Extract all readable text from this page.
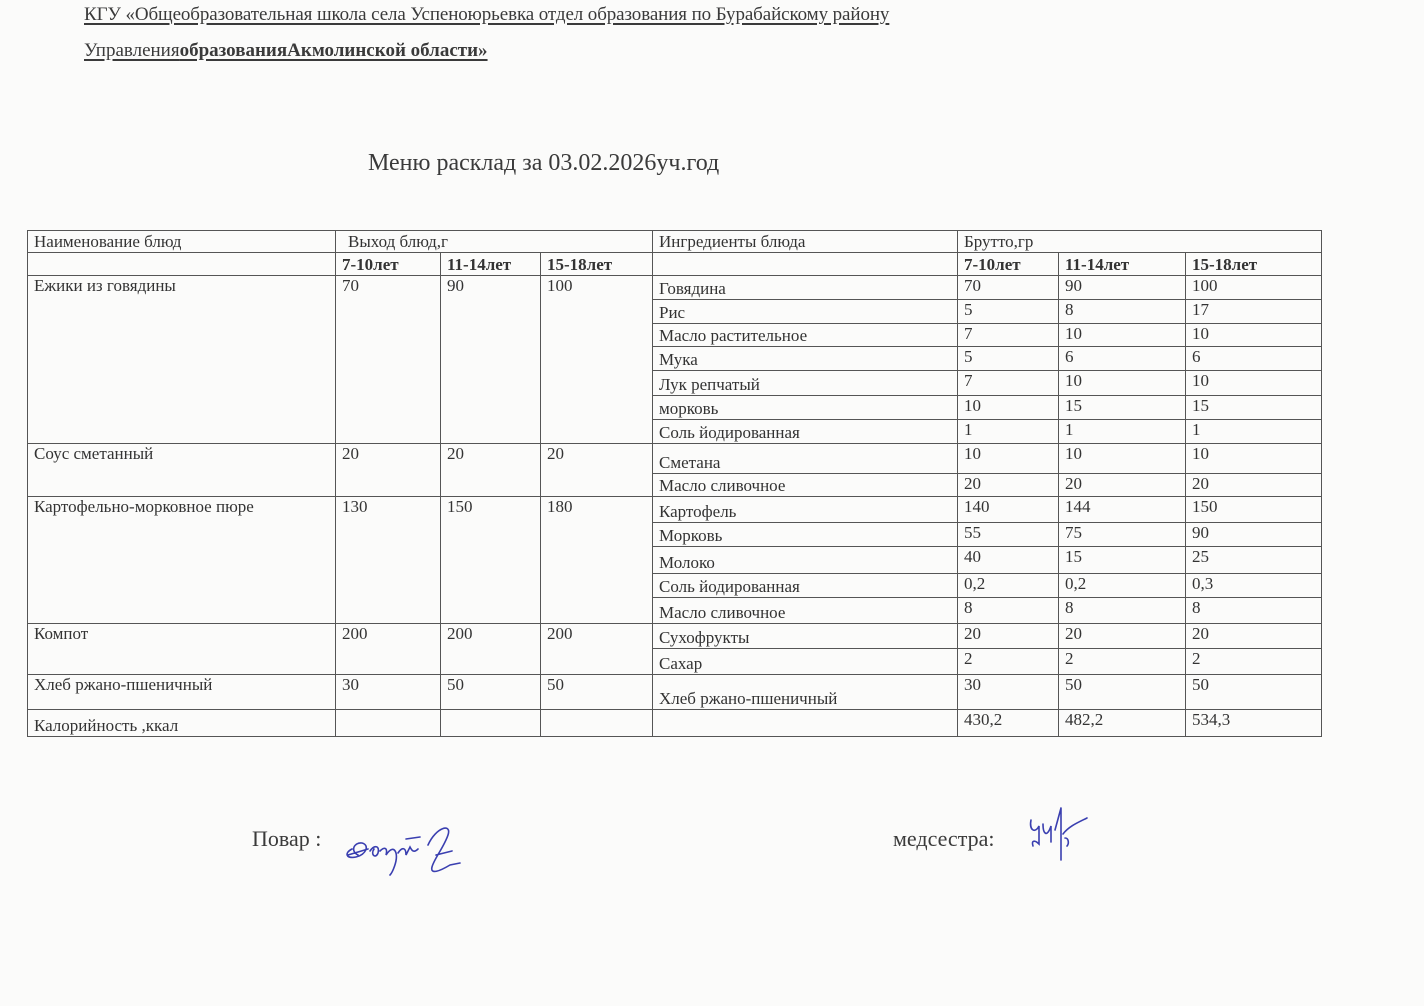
КГУ «Общеобразовательная школа села Успеноюрьевка отдел образования по Бурабайскому району
УправленияобразованияАкмолинской области»
Меню расклад за 03.02.2026уч.год
Наименование блюд	Выход блюд,г			Ингредиенты блюда	Брутто,гр		
	7-10лет	11-14лет	15-18лет		7-10лет	11-14лет	15-18лет
Ежики из говядины	70	90	100	Говядина	70	90	100
				Рис	5	8	17
				Масло растительное	7	10	10
				Мука	5	6	6
				Лук репчатый	7	10	10
				морковь	10	15	15
				Соль йодированная	1	1	1
Соус сметанный	20	20	20	Сметана	10	10	10
				Масло сливочное	20	20	20
Картофельно-морковное пюре	130	150	180	Картофель	140	144	150
				Морковь	55	75	90
				Молоко	40	15	25
				Соль йодированная	0,2	0,2	0,3
				Масло сливочное	8	8	8
Компот	200	200	200	Сухофрукты	20	20	20
				Сахар	2	2	2
Хлеб ржано-пшеничный	30	50	50	Хлеб ржано-пшеничный	30	50	50
Калорийность ,ккал					430,2	482,2	534,3
Повар :	медсестра:
